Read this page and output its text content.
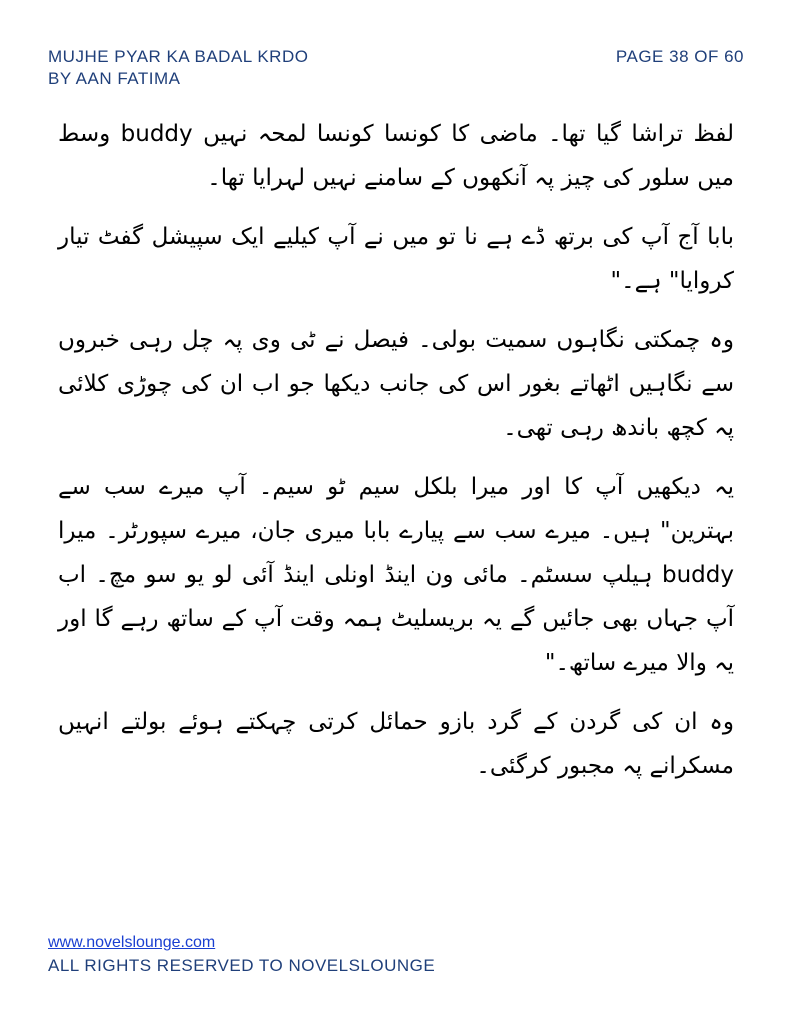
MUJHE PYAR KA BADAL KRDO
BY AAN FATIMA
PAGE 38 OF 60

لفظ تراشا گیا تھا۔ ماضی کا کونسا کونسا لمحہ نہیں buddy وسط میں سلور کی چیز پہ آنکھوں کے سامنے نہیں لہرایا تھا۔

بابا آج آپ کی برتھ ڈے ہے نا تو میں نے آپ کیلیے ایک سپیشل گفٹ تیار کروایا" ہے۔"

وہ چمکتی نگاہوں سمیت بولی۔ فیصل نے ٹی وی پہ چل رہی خبروں سے نگاہیں اٹھاتے بغور اس کی جانب دیکھا جو اب ان کی چوڑی کلائی پہ کچھ باندھ رہی تھی۔

یہ دیکھیں آپ کا اور میرا بلکل سیم ٹو سیم۔ آپ میرے سب سے بہترین" ہیں۔ میرے سب سے پیارے بابا میری جان، میرے سپورٹر۔ میرا buddy ہیلپ سسٹم۔ مائی ون اینڈ اونلی اینڈ آئی لو یو سو مچ۔ اب آپ جہاں بھی جائیں گے یہ بریسلیٹ ہمہ وقت آپ کے ساتھ رہے گا اور یہ والا میرے ساتھ۔"

وہ ان کی گردن کے گرد بازو حمائل کرتی چہکتے ہوئے بولتے انہیں مسکرانے پہ مجبور کرگئی۔

www.novelslounge.com
ALL RIGHTS RESERVED TO NOVELSLOUNGE
